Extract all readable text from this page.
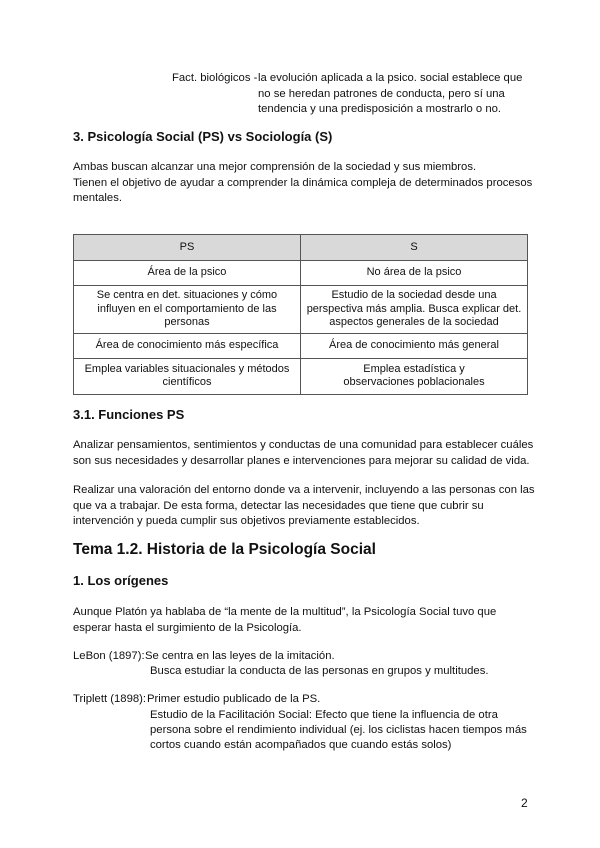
Fact. biológicos - la evolución aplicada a la psico. social establece que
no se heredan patrones de conducta, pero sí una
tendencia y una predisposición a mostrarlo o no.
3. Psicología Social (PS) vs Sociología (S)
Ambas buscan alcanzar una mejor comprensión de la sociedad y sus miembros.
Tienen el objetivo de ayudar a comprender la dinámica compleja de determinados procesos
mentales.
PS	S
Área de la psico	No área de la psico
Se centra en det. situaciones y cómo influyen en el comportamiento de las personas	Estudio de la sociedad desde una perspectiva más amplia. Busca explicar det. aspectos generales de la sociedad
Área de conocimiento más específica	Área de conocimiento más general
Emplea variables situacionales y métodos científicos	Emplea estadística y observaciones poblacionales
3.1. Funciones PS
Analizar pensamientos, sentimientos y conductas de una comunidad para establecer cuáles
son sus necesidades y desarrollar planes e intervenciones para mejorar su calidad de vida.
Realizar una valoración del entorno donde va a intervenir, incluyendo a las personas con las
que va a trabajar. De esta forma, detectar las necesidades que tiene que cubrir su
intervención y pueda cumplir sus objetivos previamente establecidos.
Tema 1.2. Historia de la Psicología Social
1. Los orígenes
Aunque Platón ya hablaba de “la mente de la multitud”, la Psicología Social tuvo que
esperar hasta el surgimiento de la Psicología.
LeBon (1897): Se centra en las leyes de la imitación.
Busca estudiar la conducta de las personas en grupos y multitudes.
Triplett (1898): Primer estudio publicado de la PS.
Estudio de la Facilitación Social: Efecto que tiene la influencia de otra
persona sobre el rendimiento individual (ej. los ciclistas hacen tiempos más
cortos cuando están acompañados que cuando estás solos)
2
